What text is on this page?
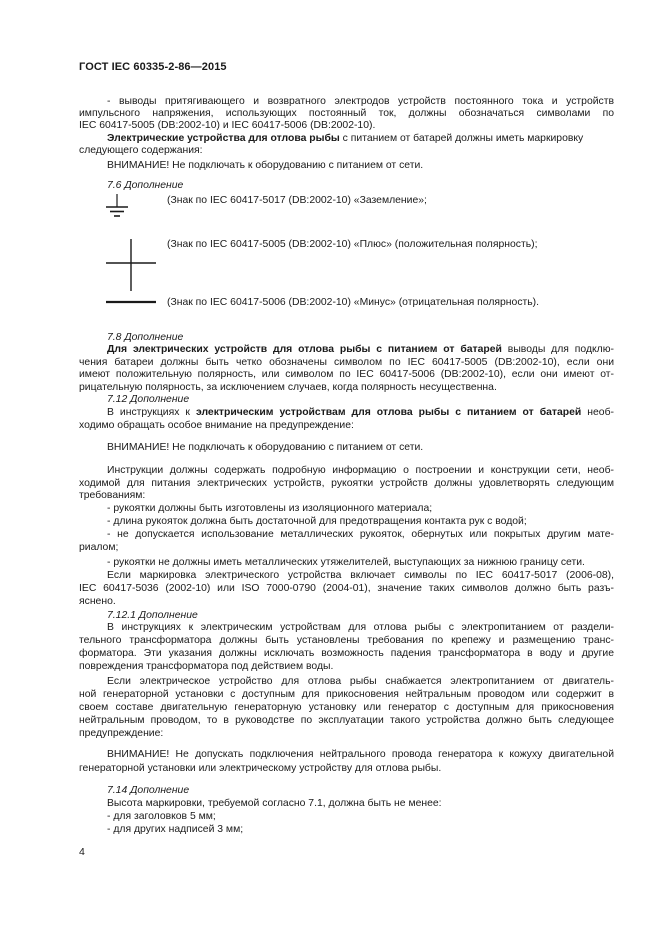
ГОСТ IEC 60335-2-86—2015
- выводы притягивающего и возвратного электродов устройств постоянного тока и устройств
импульсного напряжения, использующих постоянный ток, должны обозначаться символами по
IEC 60417-5005 (DB:2002-10) и IEC 60417-5006 (DB:2002-10).
Электрические устройства для отлова рыбы с питанием от батарей должны иметь маркировку
следующего содержания:
ВНИМАНИЕ! Не подключать к оборудованию с питанием от сети.
7.6 Дополнение
(Знак по IEC 60417-5017 (DB:2002-10) «Заземление»;
(Знак по IEC 60417-5005 (DB:2002-10) «Плюс» (положительная полярность);
(Знак по IEC 60417-5006 (DB:2002-10) «Минус» (отрицательная полярность).
7.8 Дополнение
Для электрических устройств для отлова рыбы с питанием от батарей выводы для подклю-
чения батареи должны быть четко обозначены символом по IEC 60417-5005 (DB:2002-10), если они
имеют положительную полярность, или символом по IEC 60417-5006 (DB:2002-10), если они имеют от-
рицательную полярность, за исключением случаев, когда полярность несущественна.
7.12 Дополнение
В инструкциях к электрическим устройствам для отлова рыбы с питанием от батарей необ-
ходимо обращать особое внимание на предупреждение:
ВНИМАНИЕ! Не подключать к оборудованию с питанием от сети.
Инструкции должны содержать подробную информацию о построении и конструкции сети, необ-
ходимой для питания электрических устройств, рукоятки устройств должны удовлетворять следующим
требованиям:
- рукоятки должны быть изготовлены из изоляционного материала;
- длина рукояток должна быть достаточной для предотвращения контакта рук с водой;
- не допускается использование металлических рукояток, обернутых или покрытых другим мате-
риалом;
- рукоятки не должны иметь металлических утяжелителей, выступающих за нижнюю границу сети.
Если маркировка электрического устройства включает символы по IEC 60417-5017 (2006-08),
IEC 60417-5036 (2002-10) или ISO 7000-0790 (2004-01), значение таких символов должно быть разъ-
яснено.
7.12.1 Дополнение
В инструкциях к электрическим устройствам для отлова рыбы с электропитанием от раздели-
тельного трансформатора должны быть установлены требования по крепежу и размещению транс-
форматора. Эти указания должны исключать возможность падения трансформатора в воду и другие
повреждения трансформатора под действием воды.
Если электрическое устройство для отлова рыбы снабжается электропитанием от двигатель-
ной генераторной установки с доступным для прикосновения нейтральным проводом или содержит в
своем составе двигательную генераторную установку или генератор с доступным для прикосновения
нейтральным проводом, то в руководстве по эксплуатации такого устройства должно быть следующее
предупреждение:
ВНИМАНИЕ! Не допускать подключения нейтрального провода генератора к кожуху двигательной
генераторной установки или электрическому устройству для отлова рыбы.
7.14 Дополнение
Высота маркировки, требуемой согласно 7.1, должна быть не менее:
- для заголовков 5 мм;
- для других надписей 3 мм;
4
